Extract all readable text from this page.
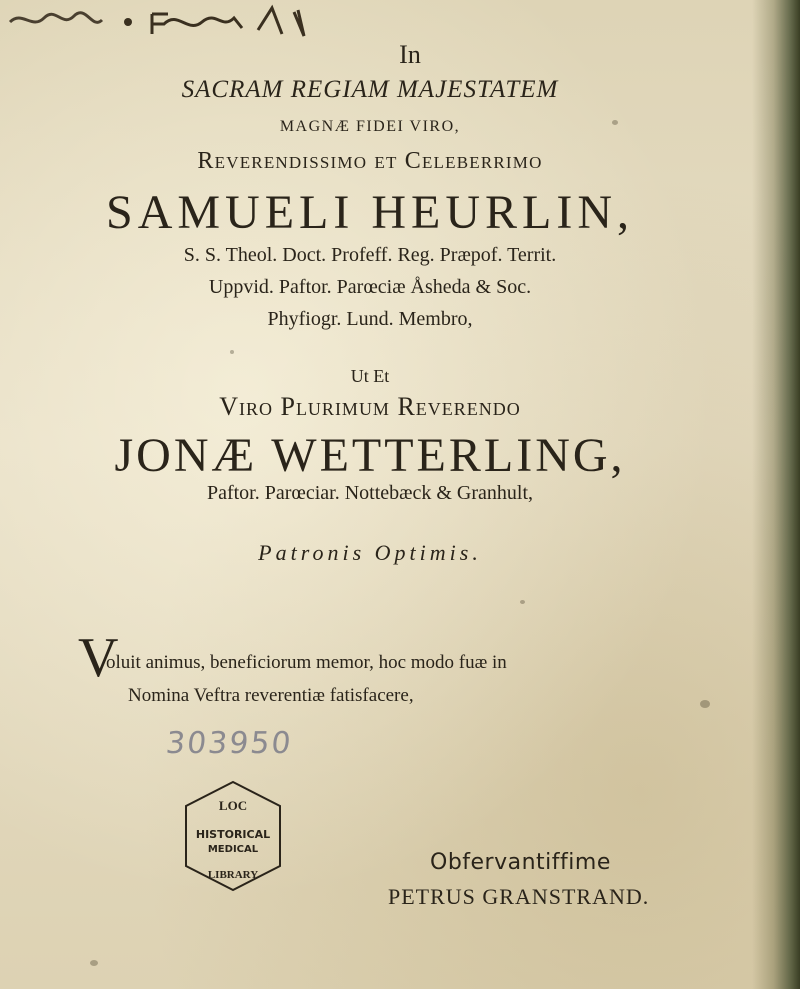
In
SACRAM REGIAM MAJESTATEM
MAGNÆ FIDEI VIRO,
Reverendissimo et Celeberrimo
SAMUELI HEURLIN,
S. S. Theol. Doct. Profeff. Reg. Præpof. Territ.
Uppvid. Paftor. Parœciæ Åsheda & Soc.
Phyfiogr. Lund. Membro,
Ut Et
Viro Plurimum Reverendo
JONÆ WETTERLING,
Paftor. Parœciar. Nottebæck & Granhult,
Patronis Optimis.
V
oluit animus, beneficiorum memor, hoc modo fuæ in
Nomina Veftra reverentiæ fatisfacere,
303950
LOC
HISTORICAL
MEDICAL
LIBRARY	Obfervantiffime
PETRUS GRANSTRAND.
